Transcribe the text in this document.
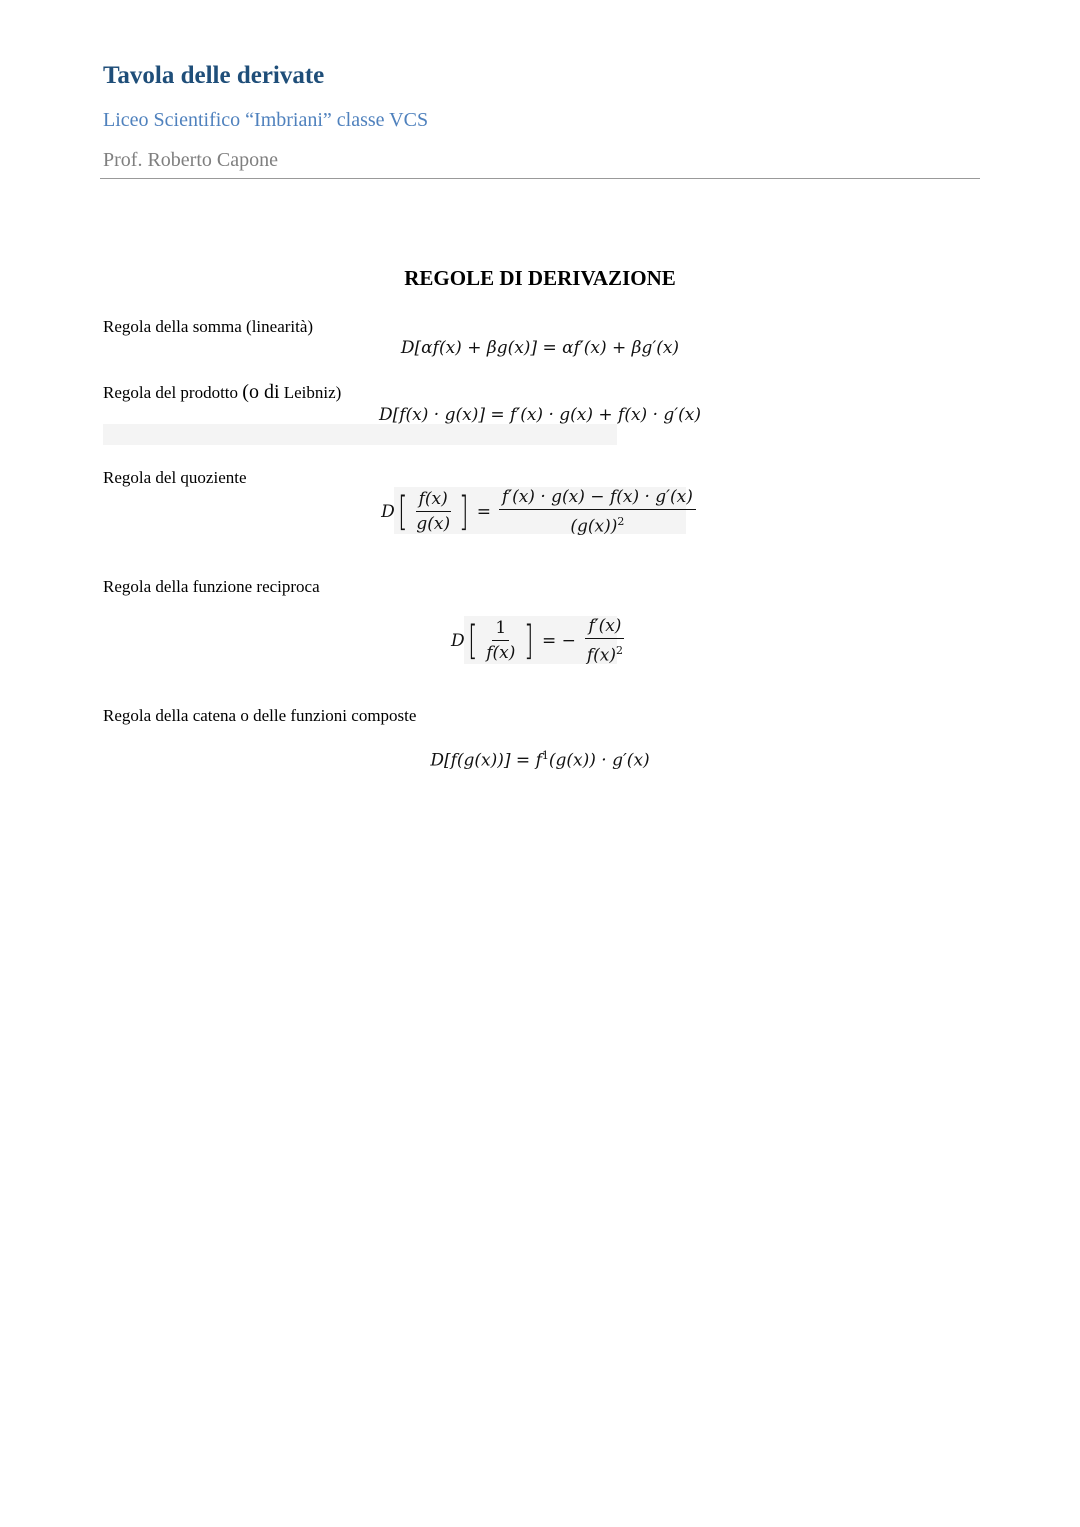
Tavola delle derivate
Liceo Scientifico “Imbriani” classe VCS
Prof. Roberto Capone
REGOLE DI DERIVAZIONE
Regola della somma (linearità)
D[αf(x) + βg(x)] = αf′(x) + βg′(x)
Regola del prodotto (o di Leibniz)
D[f(x) · g(x)] = f′(x) · g(x) + f(x) · g′(x)
Regola del quoziente
$D[ \frac{f(x)}{g(x)}$ ] = $\frac{f'(x) \cdot g(x) - f(x) \cdot g'(x)}{(g(x))^2}$
Regola della funzione reciproca
$D[ \frac{1}{f(x)}$ ] = − $\frac{f'(x)}{f(x)^2}$
Regola della catena o delle funzioni composte
$D[f(g(x))] = f^1(g(x)) \cdot g'(x)$
